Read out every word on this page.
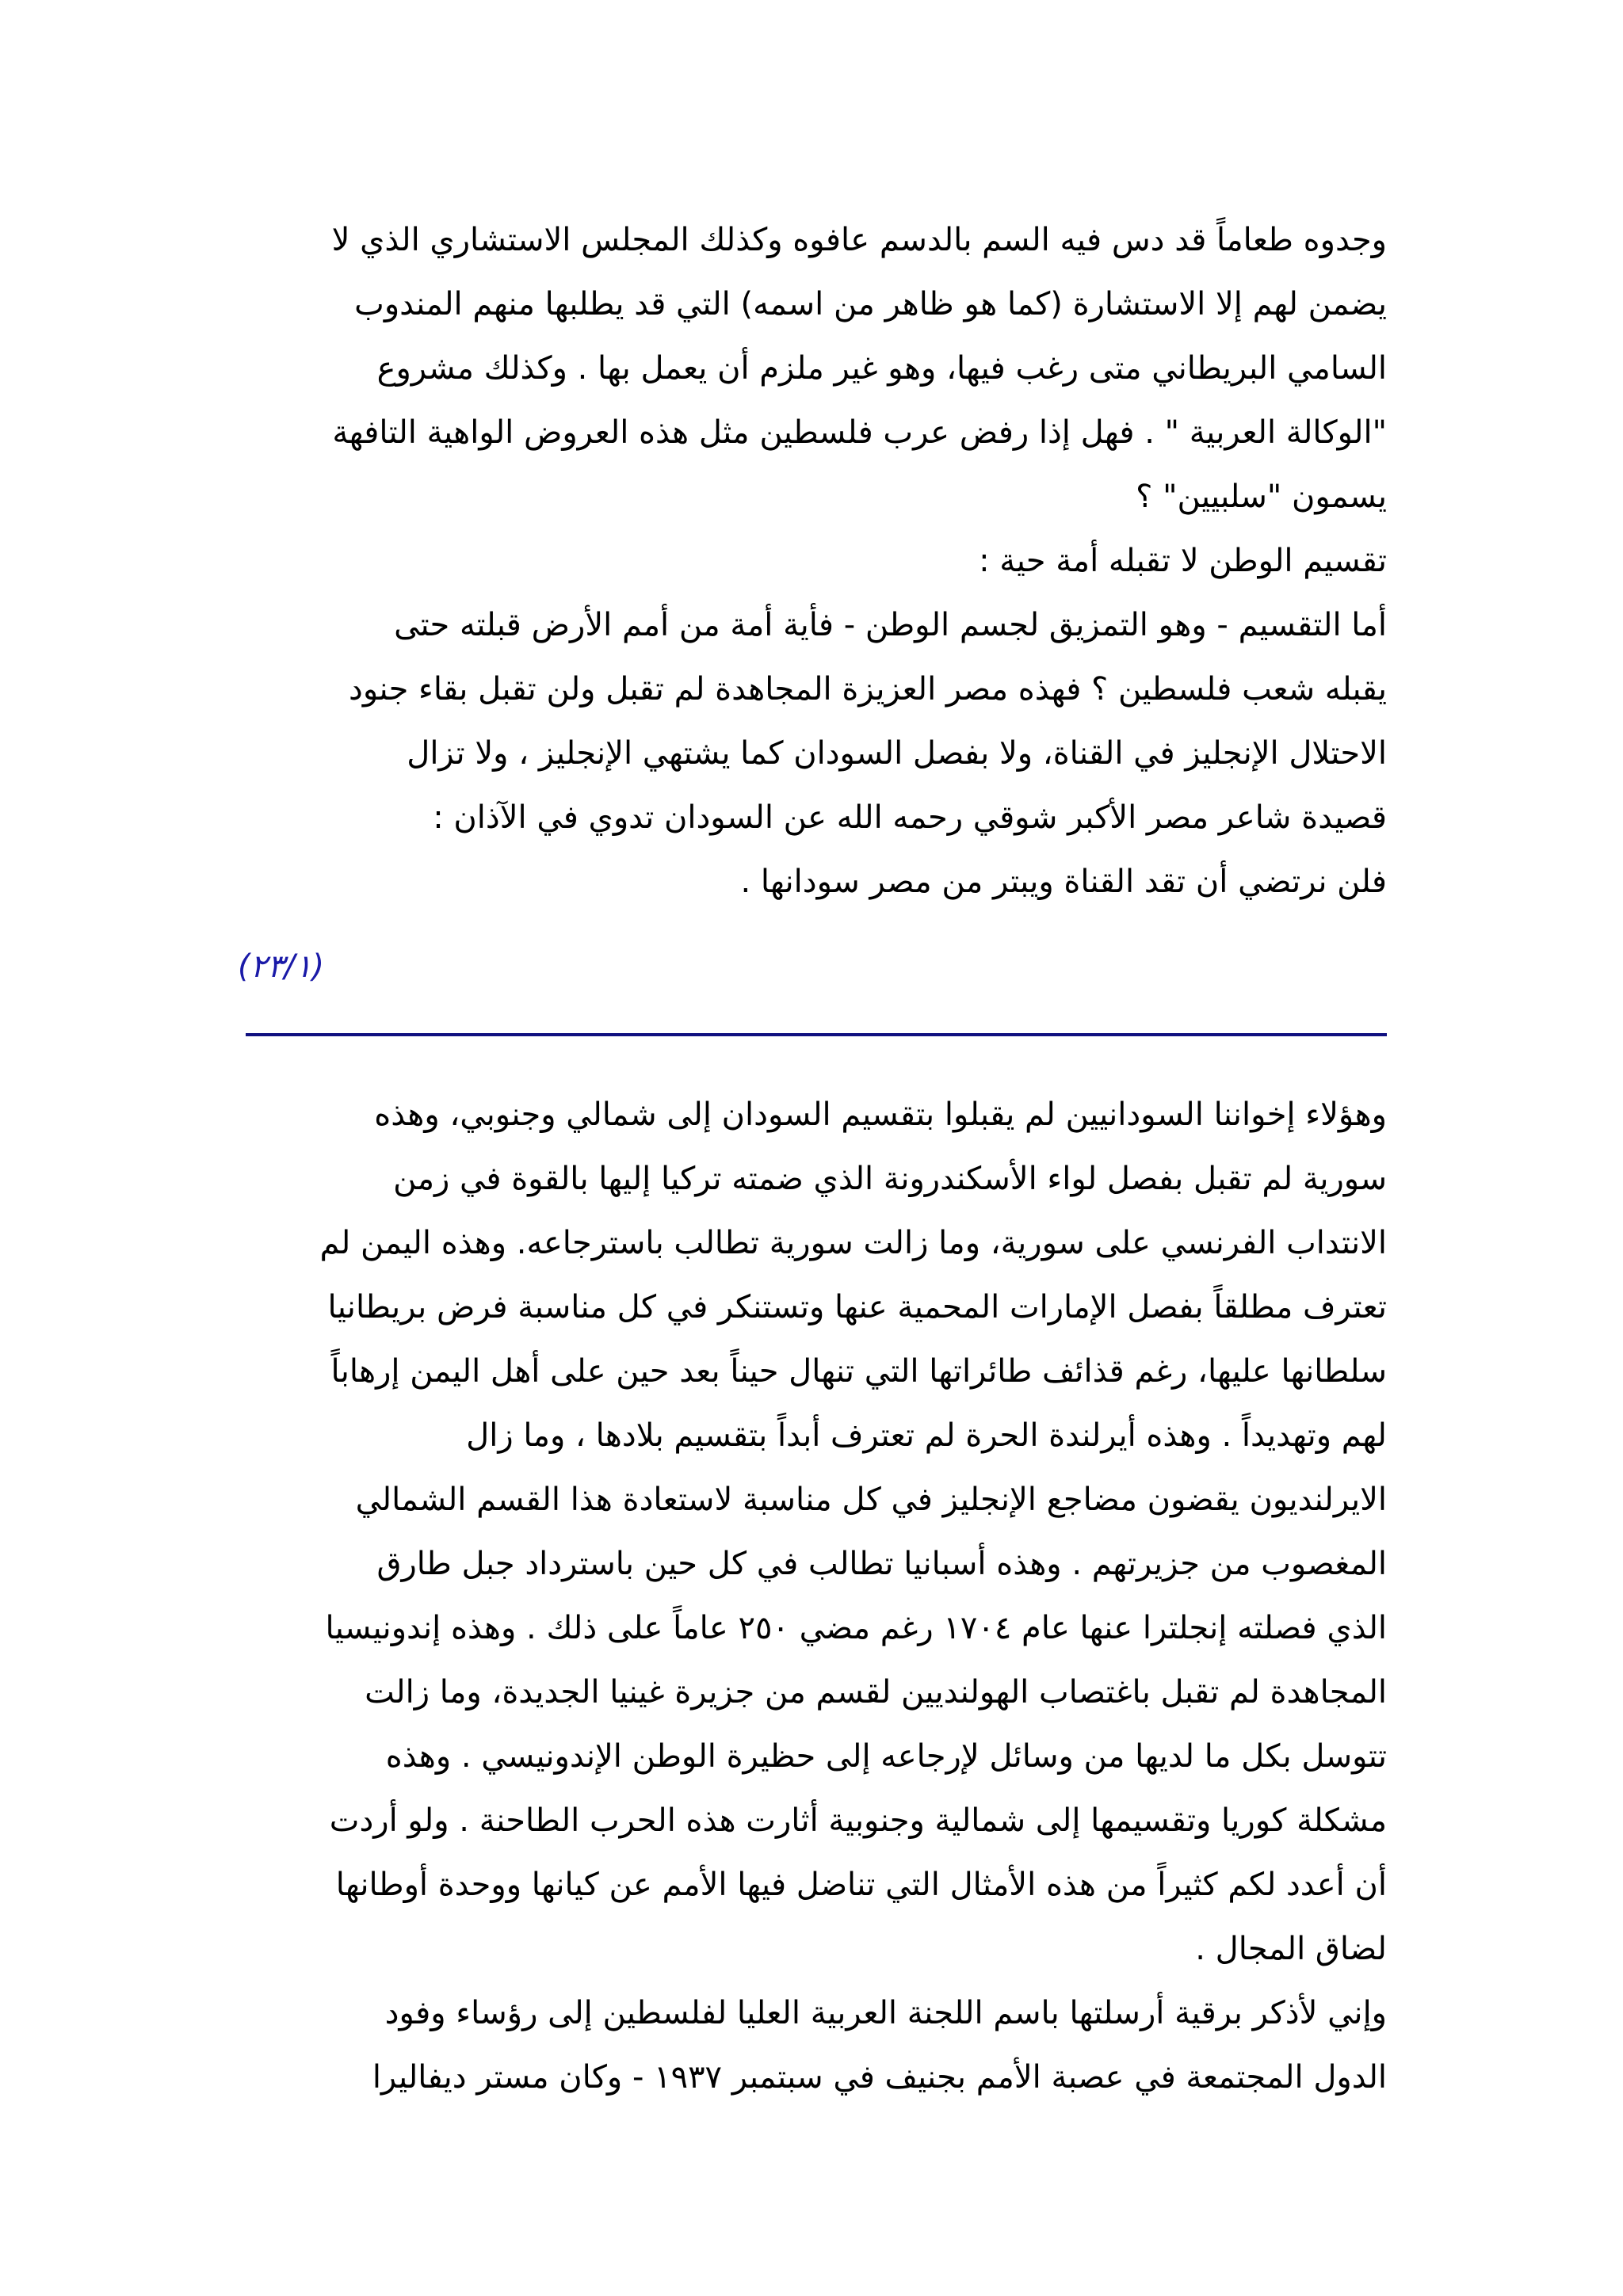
وجدوه طعاماً قد دس فيه السم بالدسم عافوه وكذلك المجلس الاستشاري الذي لا
يضمن لهم إلا الاستشارة (كما هو ظاهر من اسمه) التي قد يطلبها منهم المندوب
السامي البريطاني متى رغب فيها، وهو غير ملزم أن يعمل بها . وكذلك مشروع
"الوكالة العربية " . فهل إذا رفض عرب فلسطين مثل هذه العروض الواهية التافهة
يسمون "سلبيين" ؟
تقسيم الوطن لا تقبله أمة حية :
أما التقسيم - وهو التمزيق لجسم الوطن - فأية أمة من أمم الأرض قبلته حتى
يقبله شعب فلسطين ؟ فهذه مصر العزيزة المجاهدة لم تقبل ولن تقبل بقاء جنود
الاحتلال الإنجليز في القناة، ولا بفصل السودان كما يشتهي الإنجليز ، ولا تزال
قصيدة شاعر مصر الأكبر شوقي رحمه الله عن السودان تدوي في الآذان :
فلن نرتضي أن تقد القناة ويبتر من مصر سودانها .
(١/٣٢)
وهؤلاء إخواننا السودانيين لم يقبلوا بتقسيم السودان إلى شمالي وجنوبي، وهذه
سورية لم تقبل بفصل لواء الأسكندرونة الذي ضمته تركيا إليها بالقوة في زمن
الانتداب الفرنسي على سورية، وما زالت سورية تطالب باسترجاعه. وهذه اليمن لم
تعترف مطلقاً بفصل الإمارات المحمية عنها وتستنكر في كل مناسبة فرض بريطانيا
سلطانها عليها، رغم قذائف طائراتها التي تنهال حيناً بعد حين على أهل اليمن إرهاباً
لهم وتهديداً . وهذه أيرلندة الحرة لم تعترف أبداً بتقسيم بلادها ، وما زال
الايرلنديون يقضون مضاجع الإنجليز في كل مناسبة لاستعادة هذا القسم الشمالي
المغصوب من جزيرتهم . وهذه أسبانيا تطالب في كل حين باسترداد جبل طارق
الذي فصلته إنجلترا عنها عام ١٧٠٤ رغم مضي ٢٥٠ عاماً على ذلك . وهذه إندونيسيا
المجاهدة لم تقبل باغتصاب الهولنديين لقسم من جزيرة غينيا الجديدة، وما زالت
تتوسل بكل ما لديها من وسائل لإرجاعه إلى حظيرة الوطن الإندونيسي . وهذه
مشكلة كوريا وتقسيمها إلى شمالية وجنوبية أثارت هذه الحرب الطاحنة . ولو أردت
أن أعدد لكم كثيراً من هذه الأمثال التي تناضل فيها الأمم عن كيانها ووحدة أوطانها
لضاق المجال .
وإني لأذكر برقية أرسلتها باسم اللجنة العربية العليا لفلسطين إلى رؤساء وفود
الدول المجتمعة في عصبة الأمم بجنيف في سبتمبر ١٩٣٧ - وكان مستر ديفاليرا
